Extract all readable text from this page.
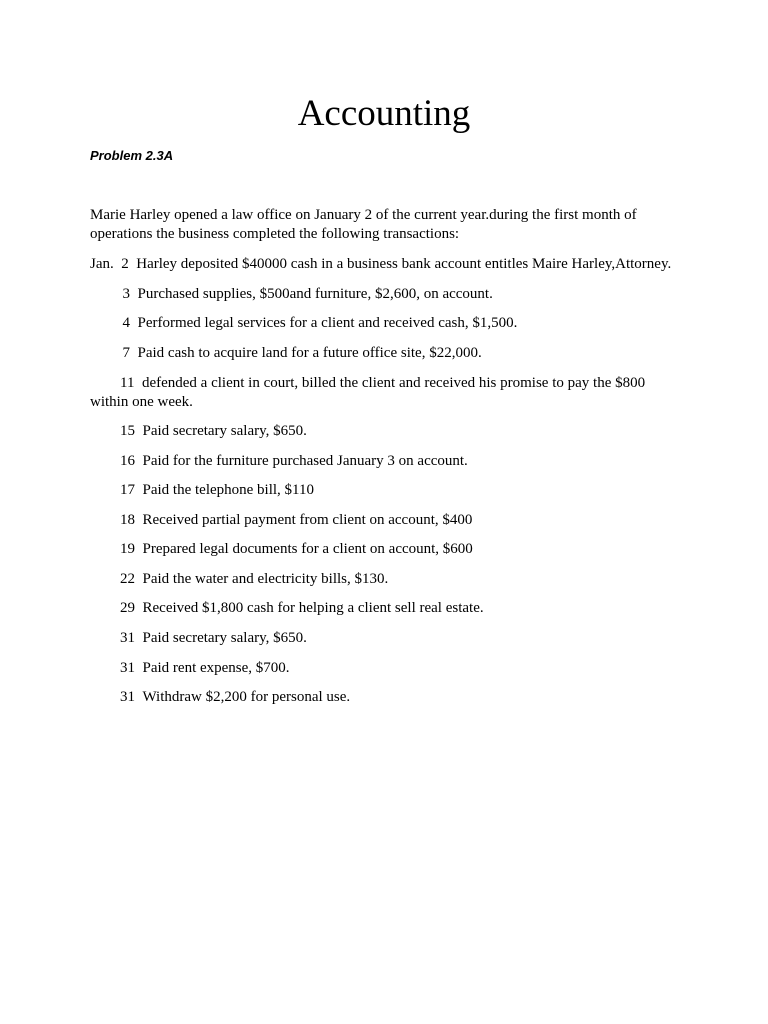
Accounting
Problem 2.3A
Marie Harley opened a law office on January 2 of the current year.during the first month of operations the business completed the following transactions:
Jan. 2 Harley deposited $40000 cash in a business bank account entitles Maire Harley,Attorney.
3 Purchased supplies, $500and furniture, $2,600, on account.
4 Performed legal services for a client and received cash, $1,500.
7 Paid cash to acquire land for a future office site, $22,000.
11 defended a client in court, billed the client and received his promise to pay the $800 within one week.
15 Paid secretary salary, $650.
16 Paid for the furniture purchased January 3 on account.
17 Paid the telephone bill, $110
18 Received partial payment from client on account, $400
19 Prepared legal documents for a client on account, $600
22 Paid the water and electricity bills, $130.
29 Received $1,800 cash for helping a client sell real estate.
31 Paid secretary salary, $650.
31 Paid rent expense, $700.
31 Withdraw $2,200 for personal use.
